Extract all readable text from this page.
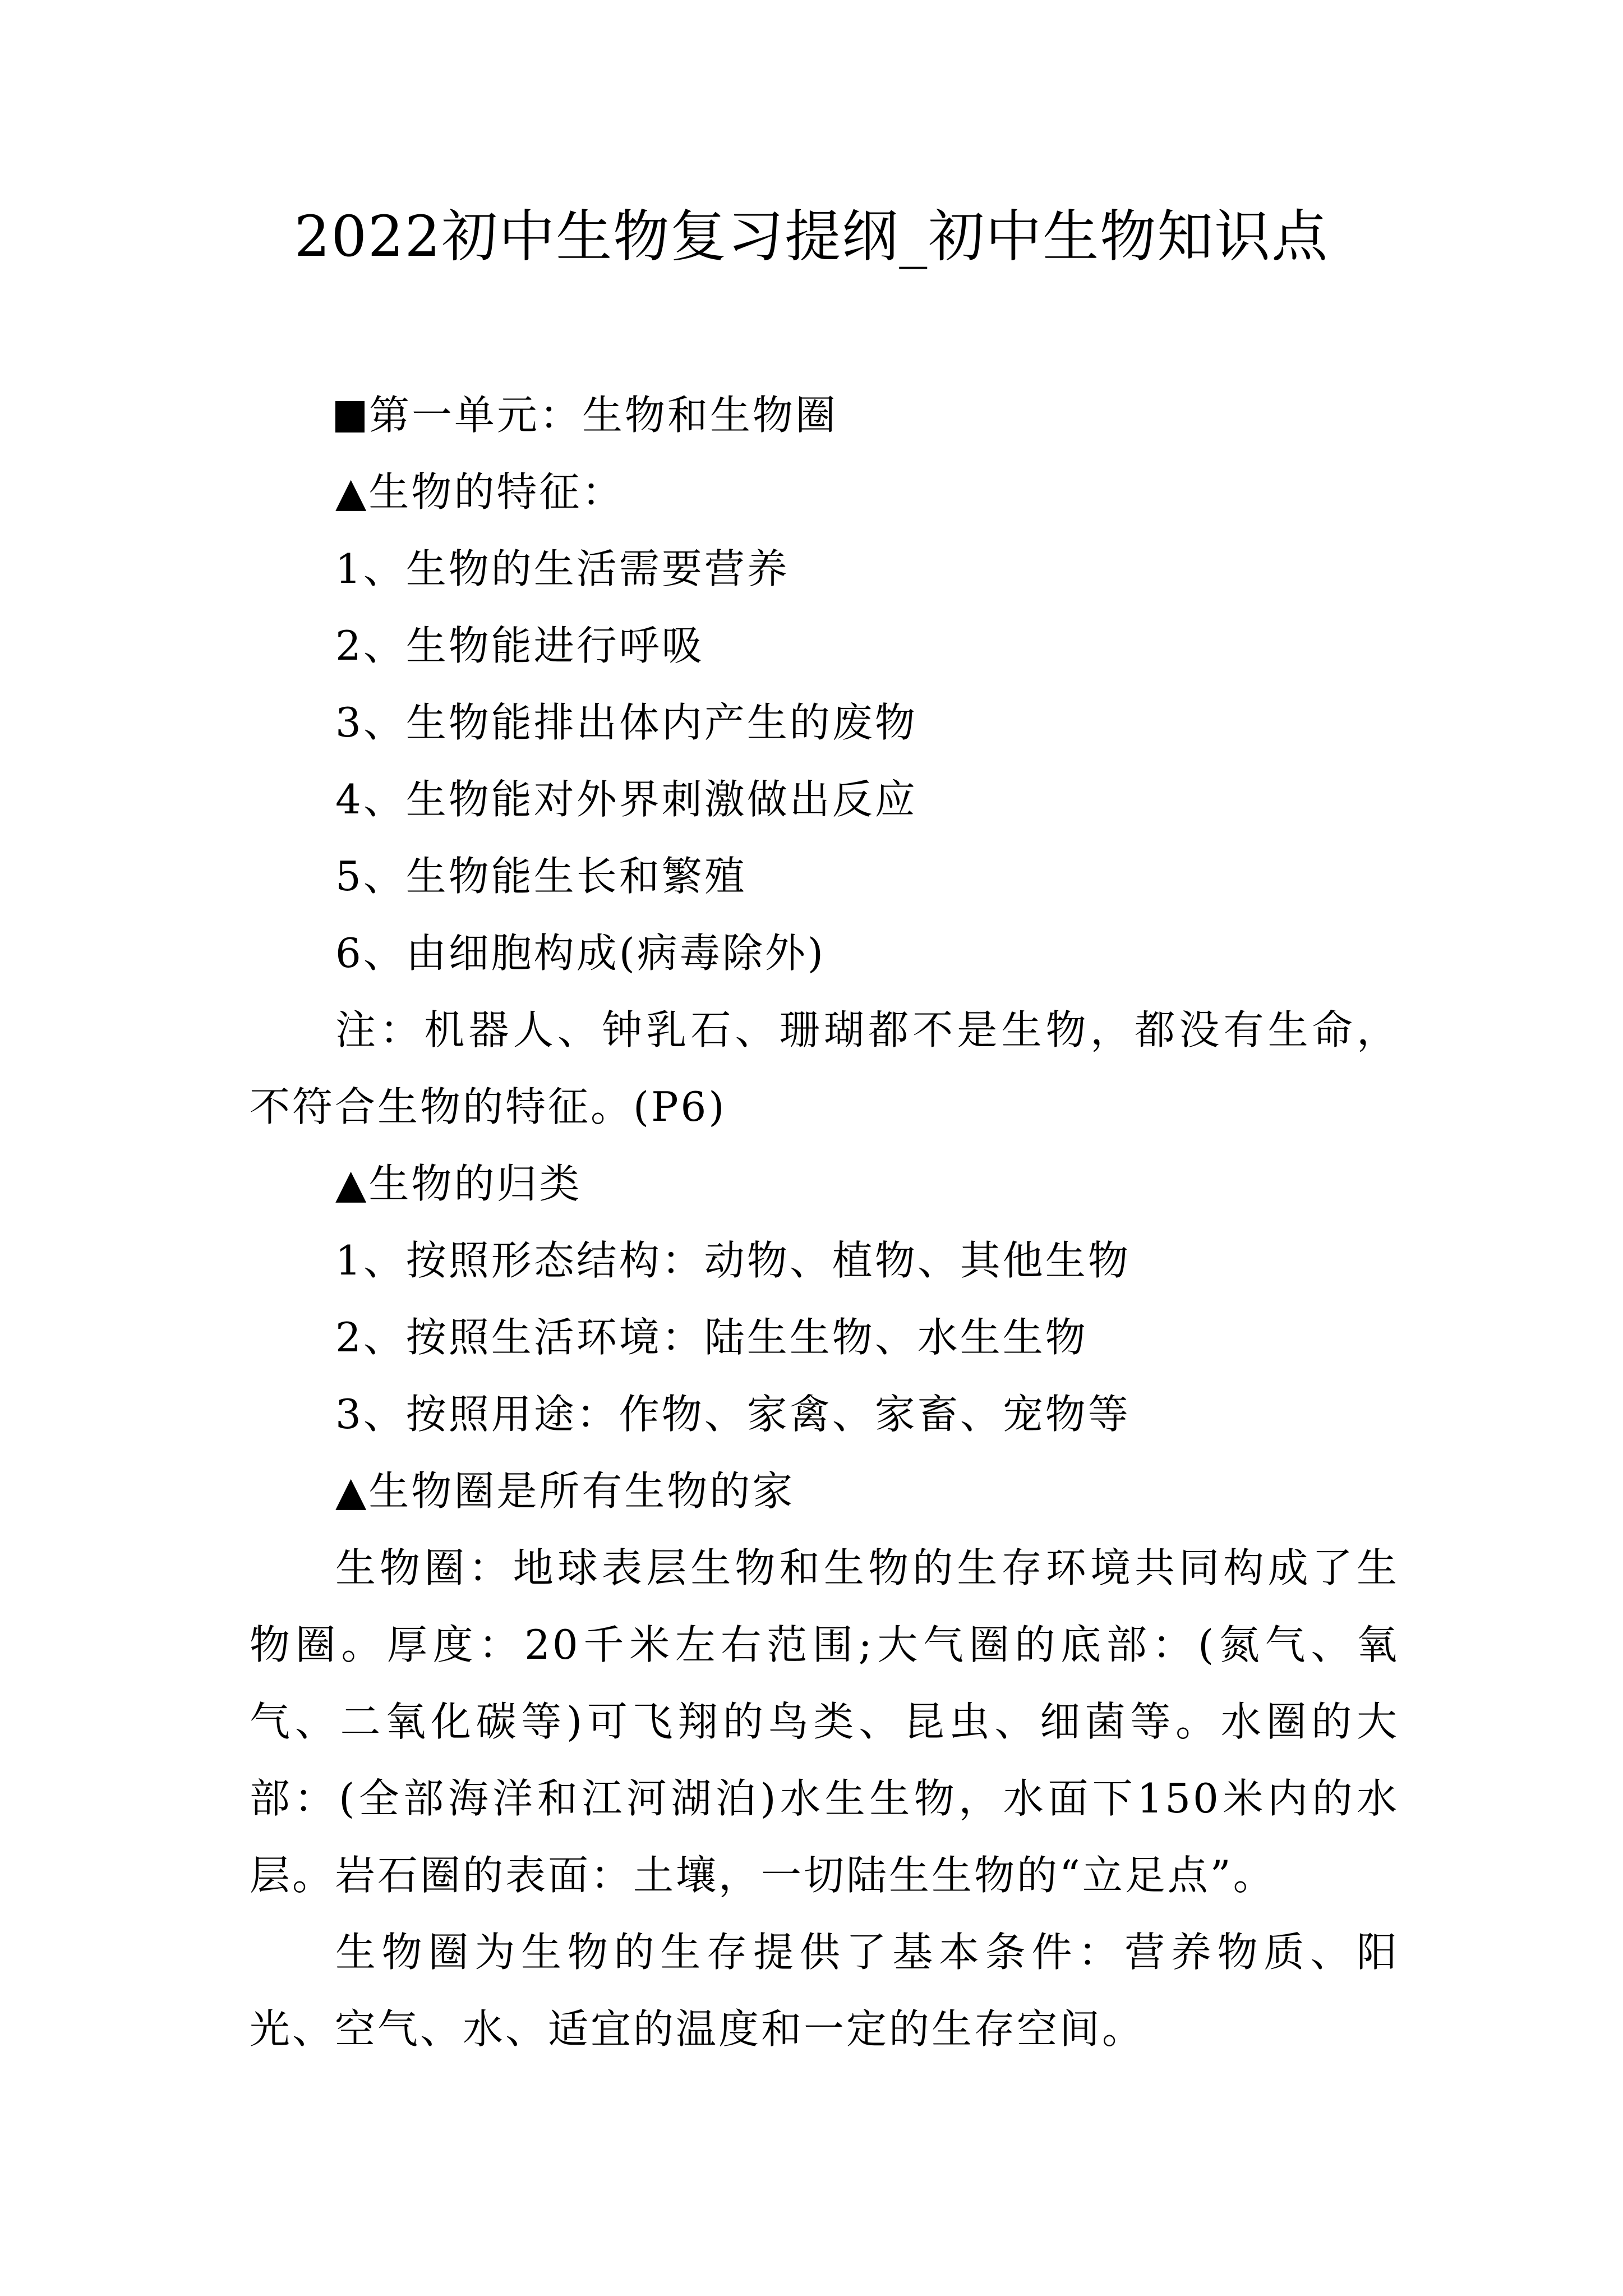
2022初中生物复习提纲_初中生物知识点
第一单元：生物和生物圈
▲生物的特征：
1、生物的生活需要营养
2、生物能进行呼吸
3、生物能排出体内产生的废物
4、生物能对外界刺激做出反应
5、生物能生长和繁殖
6、由细胞构成(病毒除外)
注：机器人、钟乳石、珊瑚都不是生物，都没有生命，不符合生物的特征。(P6)
▲生物的归类
1、按照形态结构：动物、植物、其他生物
2、按照生活环境：陆生生物、水生生物
3、按照用途：作物、家禽、家畜、宠物等
▲生物圈是所有生物的家
生物圈：地球表层生物和生物的生存环境共同构成了生物圈。厚度：20千米左右范围;大气圈的底部：(氮气、氧气、二氧化碳等)可飞翔的鸟类、昆虫、细菌等。水圈的大部：(全部海洋和江河湖泊)水生生物，水面下150米内的水层。岩石圈的表面：土壤，一切陆生生物的“立足点”。
生物圈为生物的生存提供了基本条件：营养物质、阳光、空气、水、适宜的温度和一定的生存空间。
